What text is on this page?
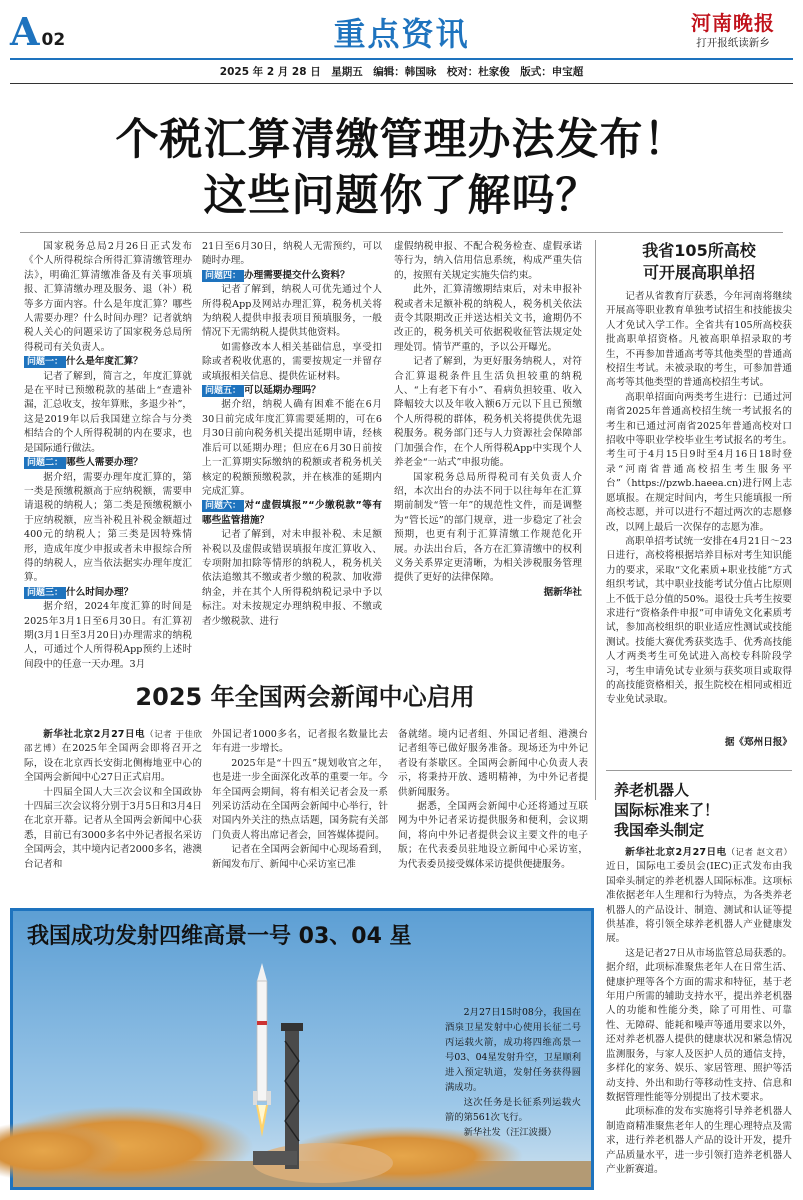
A 02	重点资讯	河南晚报
打开报纸读新乡
2025 年 2 月 28 日　星期五　编辑：韩国咏　校对：杜家俊　版式：申宝超
个税汇算清缴管理办法发布！
这些问题你了解吗？

国家税务总局2月26日正式发布《个人所得税综合所得汇算清缴管理办法》，明确汇算清缴准备及有关事项填报、汇算清缴办理及服务、退（补）税等多方面内容。什么是年度汇算？哪些人需要办理？什么时间办理？记者就纳税人关心的问题采访了国家税务总局所得税司有关负责人。

问题一： 什么是年度汇算？

记者了解到，简言之，年度汇算就是在平时已预缴税款的基础上“查遗补漏，汇总收支，按年算账，多退少补”，这是2019年以后我国建立综合与分类相结合的个人所得税制的内在要求，也是国际通行做法。

问题二： 哪些人需要办理？

据介绍，需要办理年度汇算的，第一类是预缴税额高于应纳税额，需要申请退税的纳税人；第二类是预缴税额小于应纳税额，应当补税且补税金额超过400元的纳税人；第三类是因特殊情形，造成年度少申报或者未申报综合所得的纳税人，应当依法据实办理年度汇算。

问题三： 什么时间办理？

据介绍，2024年度汇算的时间是2025年3月1日至6月30日。有汇算初期(3月1日至3月20日)办理需求的纳税人，可通过个人所得税App预约上述时间段中的任意一天办理。3月

21日至6月30日，纳税人无需预约，可以随时办理。

问题四： 办理需要提交什么资料？

记者了解到，纳税人可优先通过个人所得税App及网站办理汇算，税务机关将为纳税人提供申报表项目预填服务，一般情况下无需纳税人提供其他资料。

如需修改本人相关基础信息，享受扣除或者税收优惠的，需要按规定一并留存或填报相关信息、提供佐证材料。

问题五： 可以延期办理吗？

据介绍，纳税人确有困难不能在6月30日前完成年度汇算需要延期的，可在6月30日前向税务机关提出延期申请，经核准后可以延期办理；但应在6月30日前按上一汇算期实际缴纳的税额或者税务机关核定的税额预缴税款，并在核准的延期内完成汇算。

问题六： 对“虚假填报”“少缴税款”等有哪些监管措施？

记者了解到，对未申报补税、未足额补税以及虚假或错误填报年度汇算收入、专项附加扣除等情形的纳税人，税务机关依法追缴其不缴或者少缴的税款、加收滞纳金，并在其个人所得税纳税记录中予以标注。对未按规定办理纳税申报、不缴或者少缴税款、进行

虚假纳税申报、不配合税务检查、虚假承诺等行为，纳入信用信息系统，构成严重失信的，按照有关规定实施失信约束。

此外，汇算清缴期结束后，对未申报补税或者未足额补税的纳税人，税务机关依法责令其限期改正并送达相关文书，逾期仍不改正的，税务机关可依据税收征管法规定处理处罚。情节严重的，予以公开曝光。

记者了解到，为更好服务纳税人，对符合汇算退税条件且生活负担较重的纳税人、“上有老下有小”、看病负担较重、收入降幅较大以及年收入额6万元以下且已预缴个人所得税的群体，税务机关将提供优先退税服务。税务部门还与人力资源社会保障部门加强合作，在个人所得税App中实现个人养老金“一站式”申报功能。

国家税务总局所得税司有关负责人介绍，本次出台的办法不同于以往每年在汇算期前制发“管一年”的规范性文件，而是调整为“管长远”的部门规章，进一步稳定了社会预期，也更有利于汇算清缴工作规范化开展。办法出台后，各方在汇算清缴中的权利义务关系界定更清晰，为相关涉税服务管理提供了更好的法律保障。

据新华社
我省105所高校
可开展高职单招

记者从省教育厅获悉，今年河南将继续开展高等职业教育单独考试招生和技能拔尖人才免试入学工作。全省共有105所高校获批高职单招资格。凡被高职单招录取的考生，不再参加普通高考等其他类型的普通高校招生考试。未被录取的考生，可参加普通高考等其他类型的普通高校招生考试。

高职单招面向两类考生进行：已通过河南省2025年普通高校招生统一考试报名的考生和已通过河南省2025年普通高校对口招收中等职业学校毕业生考试报名的考生。考生可于4月15日9时至4月16日18时登录“河南省普通高校招生考生服务平台”（https://pzwb.haeea.cn)进行网上志愿填报。在规定时间内，考生只能填报一所高校志愿，并可以进行不超过两次的志愿修改，以网上最后一次保存的志愿为准。

高职单招考试统一安排在4月21日～23日进行，高校将根据培养目标对考生知识能力的要求，采取“文化素质+职业技能”方式组织考试，其中职业技能考试分值占比原则上不低于总分值的50%。退役士兵考生按要求进行“资格条件申报”可申请免文化素质考试，参加高校组织的职业适应性测试或技能测试。技能大赛优秀获奖选手、优秀高技能人才两类考生可免试进入高校专科阶段学习，考生申请免试专业须与获奖项目或取得的高技能资格相关，报生院校在相同或相近专业免试录取。

据《郑州日报》
养老机器人
国际标准来了！
我国牵头制定

新华社北京2月27日电（记者 赵文君）近日，国际电工委员会(IEC)正式发布由我国牵头制定的养老机器人国际标准。这项标准依据老年人生理和行为特点，为各类养老机器人的产品设计、制造、测试和认证等提供基准，将引领全球养老机器人产业健康发展。

这是记者27日从市场监管总局获悉的。据介绍，此项标准聚焦老年人在日常生活、健康护理等各个方面的需求和特征，基于老年用户所需的辅助支持水平，提出养老机器人的功能和性能分类，除了可用性、可靠性、无障碍、能耗和噪声等通用要求以外，还对养老机器人提供的健康状况和紧急情况监测服务，与家人及医护人员的通信支持，多样化的家务、娱乐、家居管理、照护等活动支持、外出和助行等移动性支持、信息和数据管理性能等分别提出了技术要求。

此项标准的发布实施将引导养老机器人制造商精准聚焦老年人的生理心理特点及需求，进行养老机器人产品的设计开发，提升产品质量水平，进一步引领打造养老机器人产业新赛道。

2025 年全国两会新闻中心启用

新华社北京2月27日电（记者 于佳欣　邵艺博）在2025年全国两会即将召开之际，设在北京西长安街北侧梅地亚中心的全国两会新闻中心27日正式启用。

十四届全国人大三次会议和全国政协十四届三次会议将分别于3月5日和3月4日在北京开幕。记者从全国两会新闻中心获悉，目前已有3000多名中外记者报名采访全国两会，其中境内记者2000多名，港澳台记者和

外国记者1000多名，记者报名数量比去年有进一步增长。

2025年是“十四五”规划收官之年，也是进一步全面深化改革的重要一年。今年全国两会期间，将有相关记者会及一系列采访活动在全国两会新闻中心举行，针对国内外关注的热点话题，国务院有关部门负责人将出席记者会，回答媒体提问。

记者在全国两会新闻中心现场看到，新闻发布厅、新闻中心采访室已准

备就绪。境内记者组、外国记者组、港澳台记者组等已做好服务准备。现场还为中外记者设有茶歇区。全国两会新闻中心负责人表示，将秉持开放、透明精神，为中外记者提供新闻服务。

据悉，全国两会新闻中心还将通过互联网为中外记者采访提供服务和便利，会议期间，将向中外记者提供会议主要文件的电子版；在代表委员驻地设立新闻中心采访室，为代表委员接受媒体采访提供便捷服务。

我国成功发射四维高景一号 03、04 星

2月27日15时08分，我国在酒泉卫星发射中心使用长征二号丙运载火箭，成功将四维高景一号03、04星发射升空，卫星顺利进入预定轨道，发射任务获得圆满成功。

这次任务是长征系列运载火箭的第561次飞行。

新华社发（汪江波摄）
